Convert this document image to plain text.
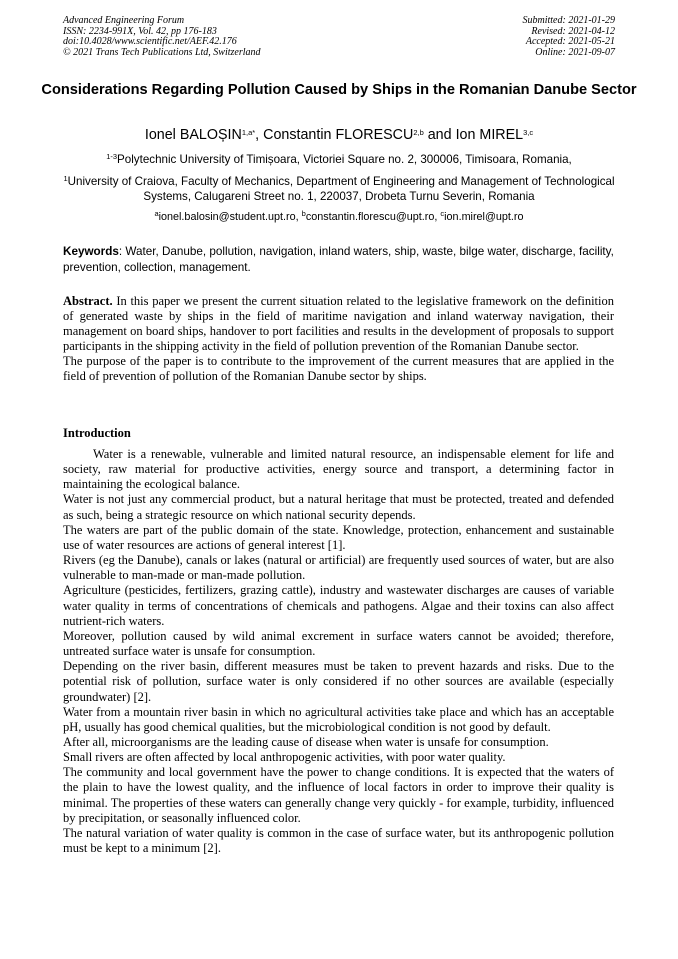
Advanced Engineering Forum
ISSN: 2234-991X, Vol. 42, pp 176-183
doi:10.4028/www.scientific.net/AEF.42.176
© 2021 Trans Tech Publications Ltd, Switzerland
Submitted: 2021-01-29
Revised: 2021-04-12
Accepted: 2021-05-21
Online: 2021-09-07
Considerations Regarding Pollution Caused by Ships in the Romanian Danube Sector
Ionel $BALOȘIN^{1,a*}$, Constantin FLORESCU$^{2,b}$ and Ion MIREL$^{3,c}$
$^{1-3}$Polytechnic University of Timișoara, Victoriei Square no. 2, 300006, Timisoara, Romania,
$^1$University of Craiova, Faculty of Mechanics, Department of Engineering and Management of Technological Systems, Calugareni Street no. 1, 220037, Drobeta Turnu Severin, Romania
$^a$ionel.balosin@student.upt.ro, $^b$constantin.florescu@upt.ro, $^c$ion.mirel@upt.ro
Keywords: Water, Danube, pollution, navigation, inland waters, ship, waste, bilge water, discharge, facility, prevention, collection, management.

Abstract. In this paper we present the current situation related to the legislative framework on the definition of generated waste by ships in the field of maritime navigation and inland waterway navigation, their management on board ships, handover to port facilities and results in the development of proposals to support participants in the shipping activity in the field of pollution prevention of the Romanian Danube sector.

The purpose of the paper is to contribute to the improvement of the current measures that are applied in the field of prevention of pollution of the Romanian Danube sector by ships.

Introduction

Water is a renewable, vulnerable and limited natural resource, an indispensable element for life and society, raw material for productive activities, energy source and transport, a determining factor in maintaining the ecological balance.

Water is not just any commercial product, but a natural heritage that must be protected, treated and defended as such, being a strategic resource on which national security depends.

The waters are part of the public domain of the state. Knowledge, protection, enhancement and sustainable use of water resources are actions of general interest [1].

Rivers (eg the Danube), canals or lakes (natural or artificial) are frequently used sources of water, but are also vulnerable to man-made or man-made pollution.

Agriculture (pesticides, fertilizers, grazing cattle), industry and wastewater discharges are causes of variable water quality in terms of concentrations of chemicals and pathogens. Algae and their toxins can also affect nutrient-rich waters.

Moreover, pollution caused by wild animal excrement in surface waters cannot be avoided; therefore, untreated surface water is unsafe for consumption.

Depending on the river basin, different measures must be taken to prevent hazards and risks. Due to the potential risk of pollution, surface water is only considered if no other sources are available (especially groundwater) [2].

Water from a mountain river basin in which no agricultural activities take place and which has an acceptable pH, usually has good chemical qualities, but the microbiological condition is not good by default.

After all, microorganisms are the leading cause of disease when water is unsafe for consumption.

Small rivers are often affected by local anthropogenic activities, with poor water quality.

The community and local government have the power to change conditions. It is expected that the waters of the plain to have the lowest quality, and the influence of local factors in order to improve their quality is minimal. The properties of these waters can generally change very quickly - for example, turbidity, influenced by precipitation, or seasonally influenced color.

The natural variation of water quality is common in the case of surface water, but its anthropogenic pollution must be kept to a minimum [2].
